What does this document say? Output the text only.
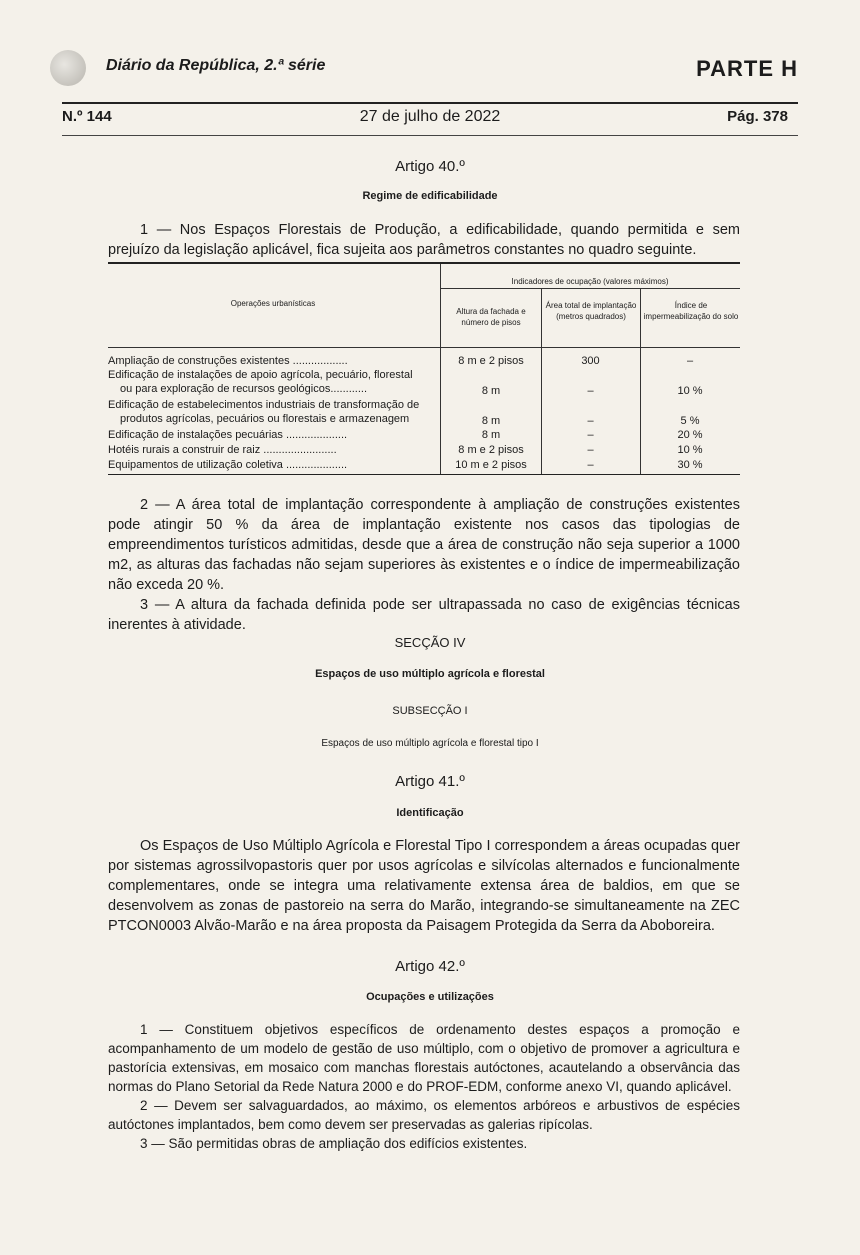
Diário da República, 2.ª série	PARTE H
N.º 144	27 de julho de 2022	Pág. 378
Artigo 40.º
Regime de edificabilidade

1 — Nos Espaços Florestais de Produção, a edificabilidade, quando permitida e sem prejuízo da legislação aplicável, fica sujeita aos parâmetros constantes no quadro seguinte.

Operações urbanísticas
Indicadores de ocupação (valores máximos)
Altura da fachada e número de pisos
Área total de implantação (metros quadrados)
Índice de impermeabilização do solo
Ampliação de construções existentes ..................	8 m e 2 pisos	300	–
Edificação de instalações de apoio agrícola, pecuário, florestal
ou para exploração de recursos geológicos............	8 m	–	10 %
Edificação de estabelecimentos industriais de transformação de
produtos agrícolas, pecuários ou florestais e armazenagem	8 m	–	5 %
Edificação de instalações pecuárias ....................	8 m	–	20 %
Hotéis rurais a construir de raiz ........................	8 m e 2 pisos	–	10 %
Equipamentos de utilização coletiva ....................	10 m e 2 pisos	–	30 %

2 — A área total de implantação correspondente à ampliação de construções existentes pode atingir 50 % da área de implantação existente nos casos das tipologias de empreendimentos turísticos admitidas, desde que a área de construção não seja superior a 1000 m2, as alturas das fachadas não sejam superiores às existentes e o índice de impermeabilização não exceda 20 %.

3 — A altura da fachada definida pode ser ultrapassada no caso de exigências técnicas inerentes à atividade.

SECÇÃO IV
Espaços de uso múltiplo agrícola e florestal
SUBSECÇÃO I
Espaços de uso múltiplo agrícola e florestal tipo I
Artigo 41.º
Identificação

Os Espaços de Uso Múltiplo Agrícola e Florestal Tipo I correspondem a áreas ocupadas quer por sistemas agrossilvopastoris quer por usos agrícolas e silvícolas alternados e funcionalmente complementares, onde se integra uma relativamente extensa área de baldios, em que se desenvolvem as zonas de pastoreio na serra do Marão, integrando-se simultaneamente na ZEC PTCON0003 Alvão-Marão e na área proposta da Paisagem Protegida da Serra da Aboboreira.

Artigo 42.º
Ocupações e utilizações

1 — Constituem objetivos específicos de ordenamento destes espaços a promoção e acompanhamento de um modelo de gestão de uso múltiplo, com o objetivo de promover a agricultura e pastorícia extensivas, em mosaico com manchas florestais autóctones, acautelando a observância das normas do Plano Setorial da Rede Natura 2000 e do PROF-EDM, conforme anexo VI, quando aplicável.

2 — Devem ser salvaguardados, ao máximo, os elementos arbóreos e arbustivos de espécies autóctones implantados, bem como devem ser preservadas as galerias ripícolas.

3 — São permitidas obras de ampliação dos edifícios existentes.
